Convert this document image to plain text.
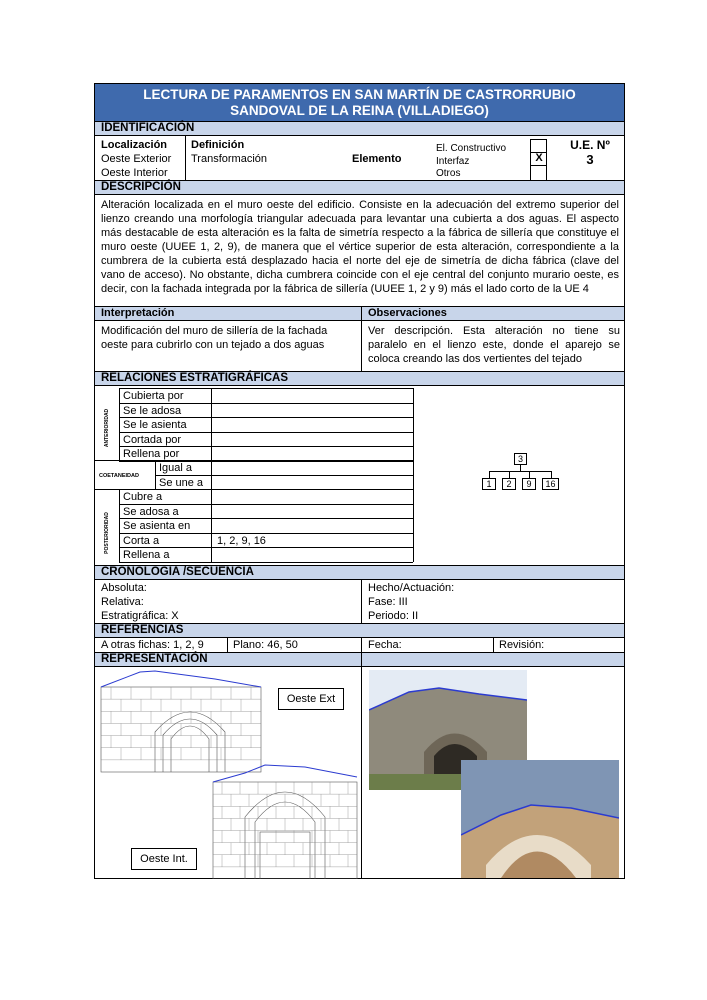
LECTURA DE PARAMENTOS EN SAN MARTÍN DE CASTRORRUBIO
SANDOVAL DE LA REINA (VILLADIEGO)
IDENTIFICACIÓN
Localización
Oeste Exterior
Oeste Interior
Definición
Transformación	Elemento
El. Constructivo
Interfaz
Otros
X
U.E. Nº
3
DESCRIPCIÓN
Alteración localizada en el muro oeste del edificio. Consiste en la adecuación del extremo superior del lienzo creando una morfología triangular adecuada para levantar una cubierta a dos aguas. El aspecto más destacable de esta alteración es la falta de simetría respecto a la fábrica de sillería que constituye el muro oeste (UUEE 1, 2, 9), de manera que el vértice superior de esta alteración, correspondiente a la cumbrera de la cubierta está desplazado hacia el norte del eje de simetría de dicha fábrica (clave del vano de acceso). No obstante, dicha cumbrera coincide con el eje central del conjunto murario oeste, es decir, con la fachada integrada por la fábrica de sillería (UUEE 1, 2 y 9) más el lado corto de la UE 4
Interpretación	Observaciones
Modificación del muro de sillería de la fachada oeste para cubrirlo con un tejado a dos aguas
Ver descripción. Esta alteración no tiene su paralelo en el lienzo este, donde el aparejo se coloca creando las dos vertientes del tejado
RELACIONES ESTRATIGRÁFICAS
Cubierta por
Se le adosa
Se le asienta
Cortada por
Rellena por
Igual a
Se une a
Cubre a
Se adosa a
Se asienta en
Corta a	1, 2, 9, 16
Rellena a
ANTERIORIDAD
COETANEIDAD
POSTERIORIDAD
3
1	2	9	16
CRONOLOGIA /SECUENCIA
Absoluta:
Relativa:
Estratigráfica: X
Hecho/Actuación:
Fase: III
Periodo: II
REFERENCIAS
A otras fichas: 1, 2, 9	Plano: 46, 50	Fecha:	Revisión:
REPRESENTACIÓN
Oeste Ext
Oeste Int.
